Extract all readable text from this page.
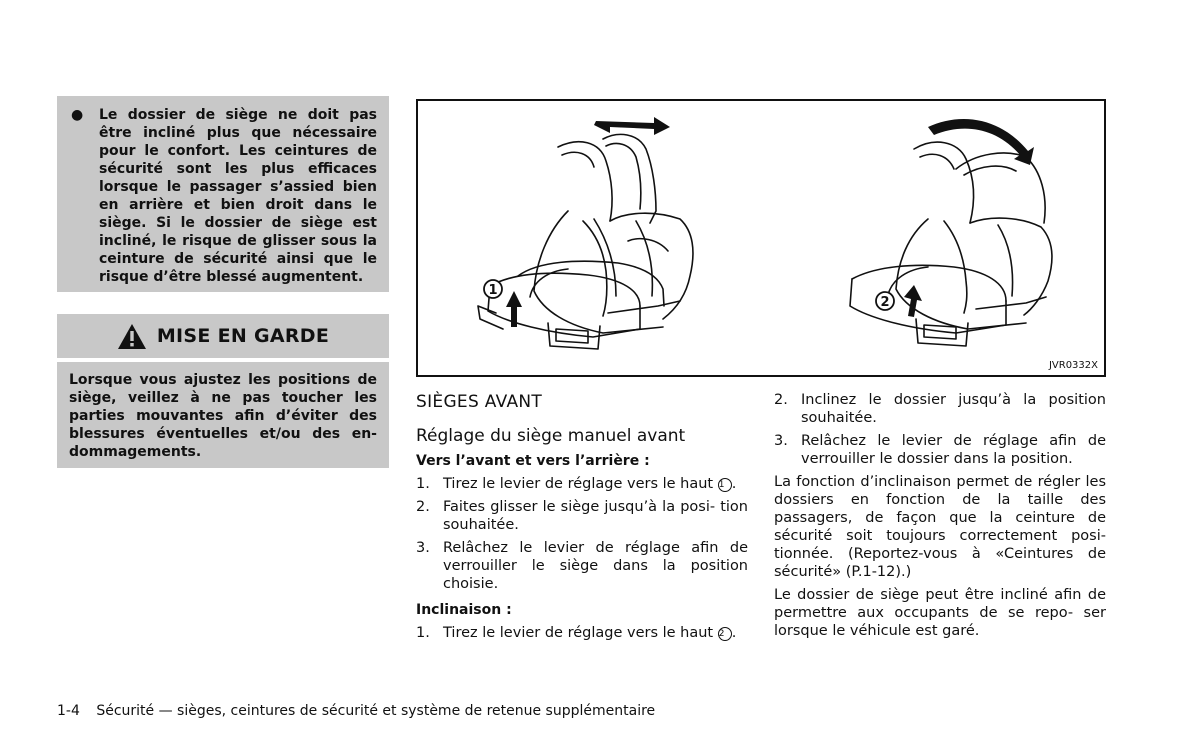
●	Le dossier de siège ne doit pas être incliné plus que nécessaire pour le confort. Les ceintures de sécurité sont les plus efficaces lorsque le passager s’assied bien en arrière et bien droit dans le siège. Si le dossier de siège est incliné, le risque de glisser sous la ceinture de sécurité ainsi que le risque d’être blessé augmentent.
MISE EN GARDE
Lorsque vous ajustez les positions de siège, veillez à ne pas toucher les parties mouvantes afin d’éviter des blessures éventuelles et/ou des en- dommagements.
1
2
JVR0332X
SIÈGES AVANT
Réglage du siège manuel avant
Vers l’avant et vers l’arrière :
1. Tirez le levier de réglage vers le haut 1 .
2. Faites glisser le siège jusqu’à la posi- tion souhaitée.
3. Relâchez le levier de réglage afin de verrouiller le siège dans la position choisie.
Inclinaison :
1. Tirez le levier de réglage vers le haut 2 .
2. Inclinez le dossier jusqu’à la position souhaitée.
3. Relâchez le levier de réglage afin de verrouiller le dossier dans la position.
La fonction d’inclinaison permet de régler les dossiers en fonction de la taille des passagers, de façon que la ceinture de sécurité soit toujours correctement posi- tionnée. (Reportez-vous à «Ceintures de sécurité» (P.1-12).)
Le dossier de siège peut être incliné afin de permettre aux occupants de se repo- ser lorsque le véhicule est garé.
1-4 Sécurité — sièges, ceintures de sécurité et système de retenue supplémentaire
